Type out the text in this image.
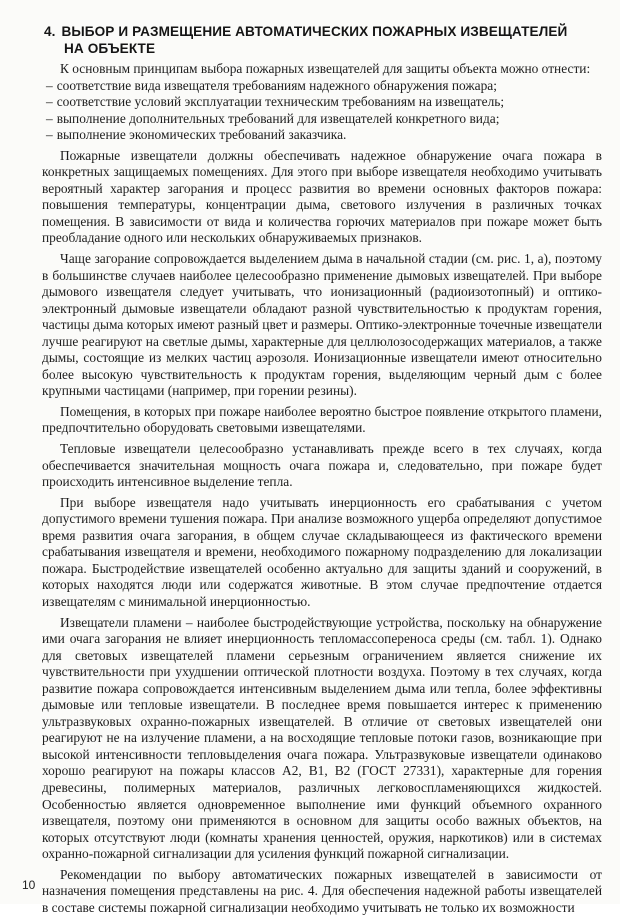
4. ВЫБОР И РАЗМЕЩЕНИЕ АВТОМАТИЧЕСКИХ ПОЖАРНЫХ ИЗВЕЩАТЕЛЕЙ
НА ОБЪЕКТЕ

К основным принципам выбора пожарных извещателей для защиты объекта можно отнести:

– соответствие вида извещателя требованиям надежного обнаружения пожара;
– соответствие условий эксплуатации техническим требованиям на извещатель;
– выполнение дополнительных требований для извещателей конкретного вида;
– выполнение экономических требований заказчика.

Пожарные извещатели должны обеспечивать надежное обнаружение очага пожара в конкретных защищаемых помещениях. Для этого при выборе извещателя необходимо учитывать вероятный характер загорания и процесс развития во времени основных факторов пожара: повышения температуры, концентрации дыма, светового излучения в различных точках помещения. В зависимости от вида и количества горючих материалов при пожаре может быть преобладание одного или нескольких обнаруживаемых признаков.

Чаще загорание сопровождается выделением дыма в начальной стадии (см. рис. 1, а), поэтому в большинстве случаев наиболее целесообразно применение дымовых извещателей. При выборе дымового извещателя следует учитывать, что ионизационный (радиоизотопный) и оптико-электронный дымовые извещатели обладают разной чувствительностью к продуктам горения, частицы дыма которых имеют разный цвет и размеры. Оптико-электронные точечные извещатели лучше реагируют на светлые дымы, характерные для целлюлозосодержащих материалов, а также дымы, состоящие из мелких частиц аэрозоля. Ионизационные извещатели имеют относительно более высокую чувствительность к продуктам горения, выделяющим черный дым с более крупными частицами (например, при горении резины).

Помещения, в которых при пожаре наиболее вероятно быстрое появление открытого пламени, предпочтительно оборудовать световыми извещателями.

Тепловые извещатели целесообразно устанавливать прежде всего в тех случаях, когда обеспечивается значительная мощность очага пожара и, следовательно, при пожаре будет происходить интенсивное выделение тепла.

При выборе извещателя надо учитывать инерционность его срабатывания с учетом допустимого времени тушения пожара. При анализе возможного ущерба определяют допустимое время развития очага загорания, в общем случае складывающееся из фактического времени срабатывания извещателя и времени, необходимого пожарному подразделению для локализации пожара. Быстродействие извещателей особенно актуально для защиты зданий и сооружений, в которых находятся люди или содержатся животные. В этом случае предпочтение отдается извещателям с минимальной инерционностью.

Извещатели пламени – наиболее быстродействующие устройства, поскольку на обнаружение ими очага загорания не влияет инерционность тепломассопереноса среды (см. табл. 1). Однако для световых извещателей пламени серьезным ограничением является снижение их чувствительности при ухудшении оптической плотности воздуха. Поэтому в тех случаях, когда развитие пожара сопровождается интенсивным выделением дыма или тепла, более эффективны дымовые или тепловые извещатели. В последнее время повышается интерес к применению ультразвуковых охранно-пожарных извещателей. В отличие от световых извещателей они реагируют не на излучение пламени, а на восходящие тепловые потоки газов, возникающие при высокой интенсивности тепловыделения очага пожара. Ультразвуковые извещатели одинаково хорошо реагируют на пожары классов А2, В1, В2 (ГОСТ 27331), характерные для горения древесины, полимерных материалов, различных легковоспламеняющихся жидкостей. Особенностью является одновременное выполнение ими функций объемного охранного извещателя, поэтому они применяются в основном для защиты особо важных объектов, на которых отсутствуют люди (комнаты хранения ценностей, оружия, наркотиков) или в системах охранно-пожарной сигнализации для усиления функций пожарной сигнализации.

Рекомендации по выбору автоматических пожарных извещателей в зависимости от назначения помещения представлены на рис. 4. Для обеспечения надежной работы извещателей в составе системы пожарной сигнализации необходимо учитывать не только их возможности

10
